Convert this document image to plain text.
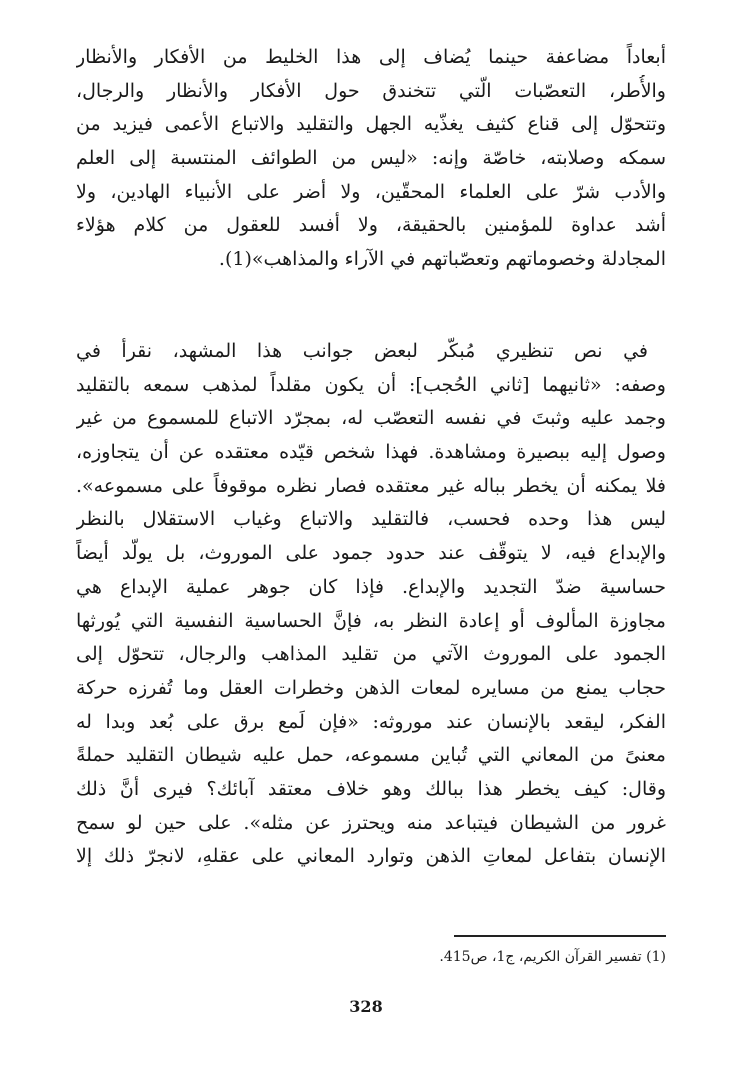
أبعاداً مضاعفة حينما يُضاف إلى هذا الخليط من الأفكار والأنظار
والأُطر، التعصّبات الّتي تتخندق حول الأفكار والأنظار والرجال،
وتتحوّل إلى قناع كثيف يغذّيه الجهل والتقليد والاتباع الأعمى فيزيد من
سمكه وصلابته، خاصّة وإنه: «ليس من الطوائف المنتسبة إلى العلم
والأدب شرّ على العلماء المحقّين، ولا أضر على الأنبياء الهادين، ولا
أشد عداوة للمؤمنين بالحقيقة، ولا أفسد للعقول من كلام هؤلاء
المجادلة وخصوماتهم وتعصّباتهم في الآراء والمذاهب»(1).
في نص تنظيري مُبكّر لبعض جوانب هذا المشهد، نقرأ في
وصفه: «ثانيهما [ثاني الحُجب]: أن يكون مقلداً لمذهب سمعه بالتقليد
وجمد عليه وثبتَ في نفسه التعصّب له، بمجرّد الاتباع للمسموع من غير
وصول إليه ببصيرة ومشاهدة. فهذا شخص قيّده معتقده عن أن يتجاوزه،
فلا يمكنه أن يخطر بباله غير معتقده فصار نظره موقوفاً على مسموعه».
ليس هذا وحده فحسب، فالتقليد والاتباع وغياب الاستقلال بالنظر
والإبداع فيه، لا يتوقّف عند حدود جمود على الموروث، بل يولّد أيضاً
حساسية ضدّ التجديد والإبداع. فإذا كان جوهر عملية الإبداع هي
مجاوزة المألوف أو إعادة النظر به، فإنَّ الحساسية النفسية التي يُورثها
الجمود على الموروث الآتي من تقليد المذاهب والرجال، تتحوّل إلى
حجاب يمنع من مسايره لمعات الذهن وخطرات العقل وما تُفرزه حركة
الفكر، ليقعد بالإنسان عند موروثه: «فإن لَمع برق على بُعد وبدا له
معنىً من المعاني التي تُباين مسموعه، حمل عليه شيطان التقليد حملةً
وقال: كيف يخطر هذا ببالك وهو خلاف معتقد آبائك؟ فيرى أنَّ ذلك
غرور من الشيطان فيتباعد منه ويحترز عن مثله». على حين لو سمح
الإنسان بتفاعل لمعاتِ الذهن وتوارد المعاني على عقلهِ، لانجرّ ذلك إلا
(1) تفسير القرآن الكريم، ج1، ص415.
328
